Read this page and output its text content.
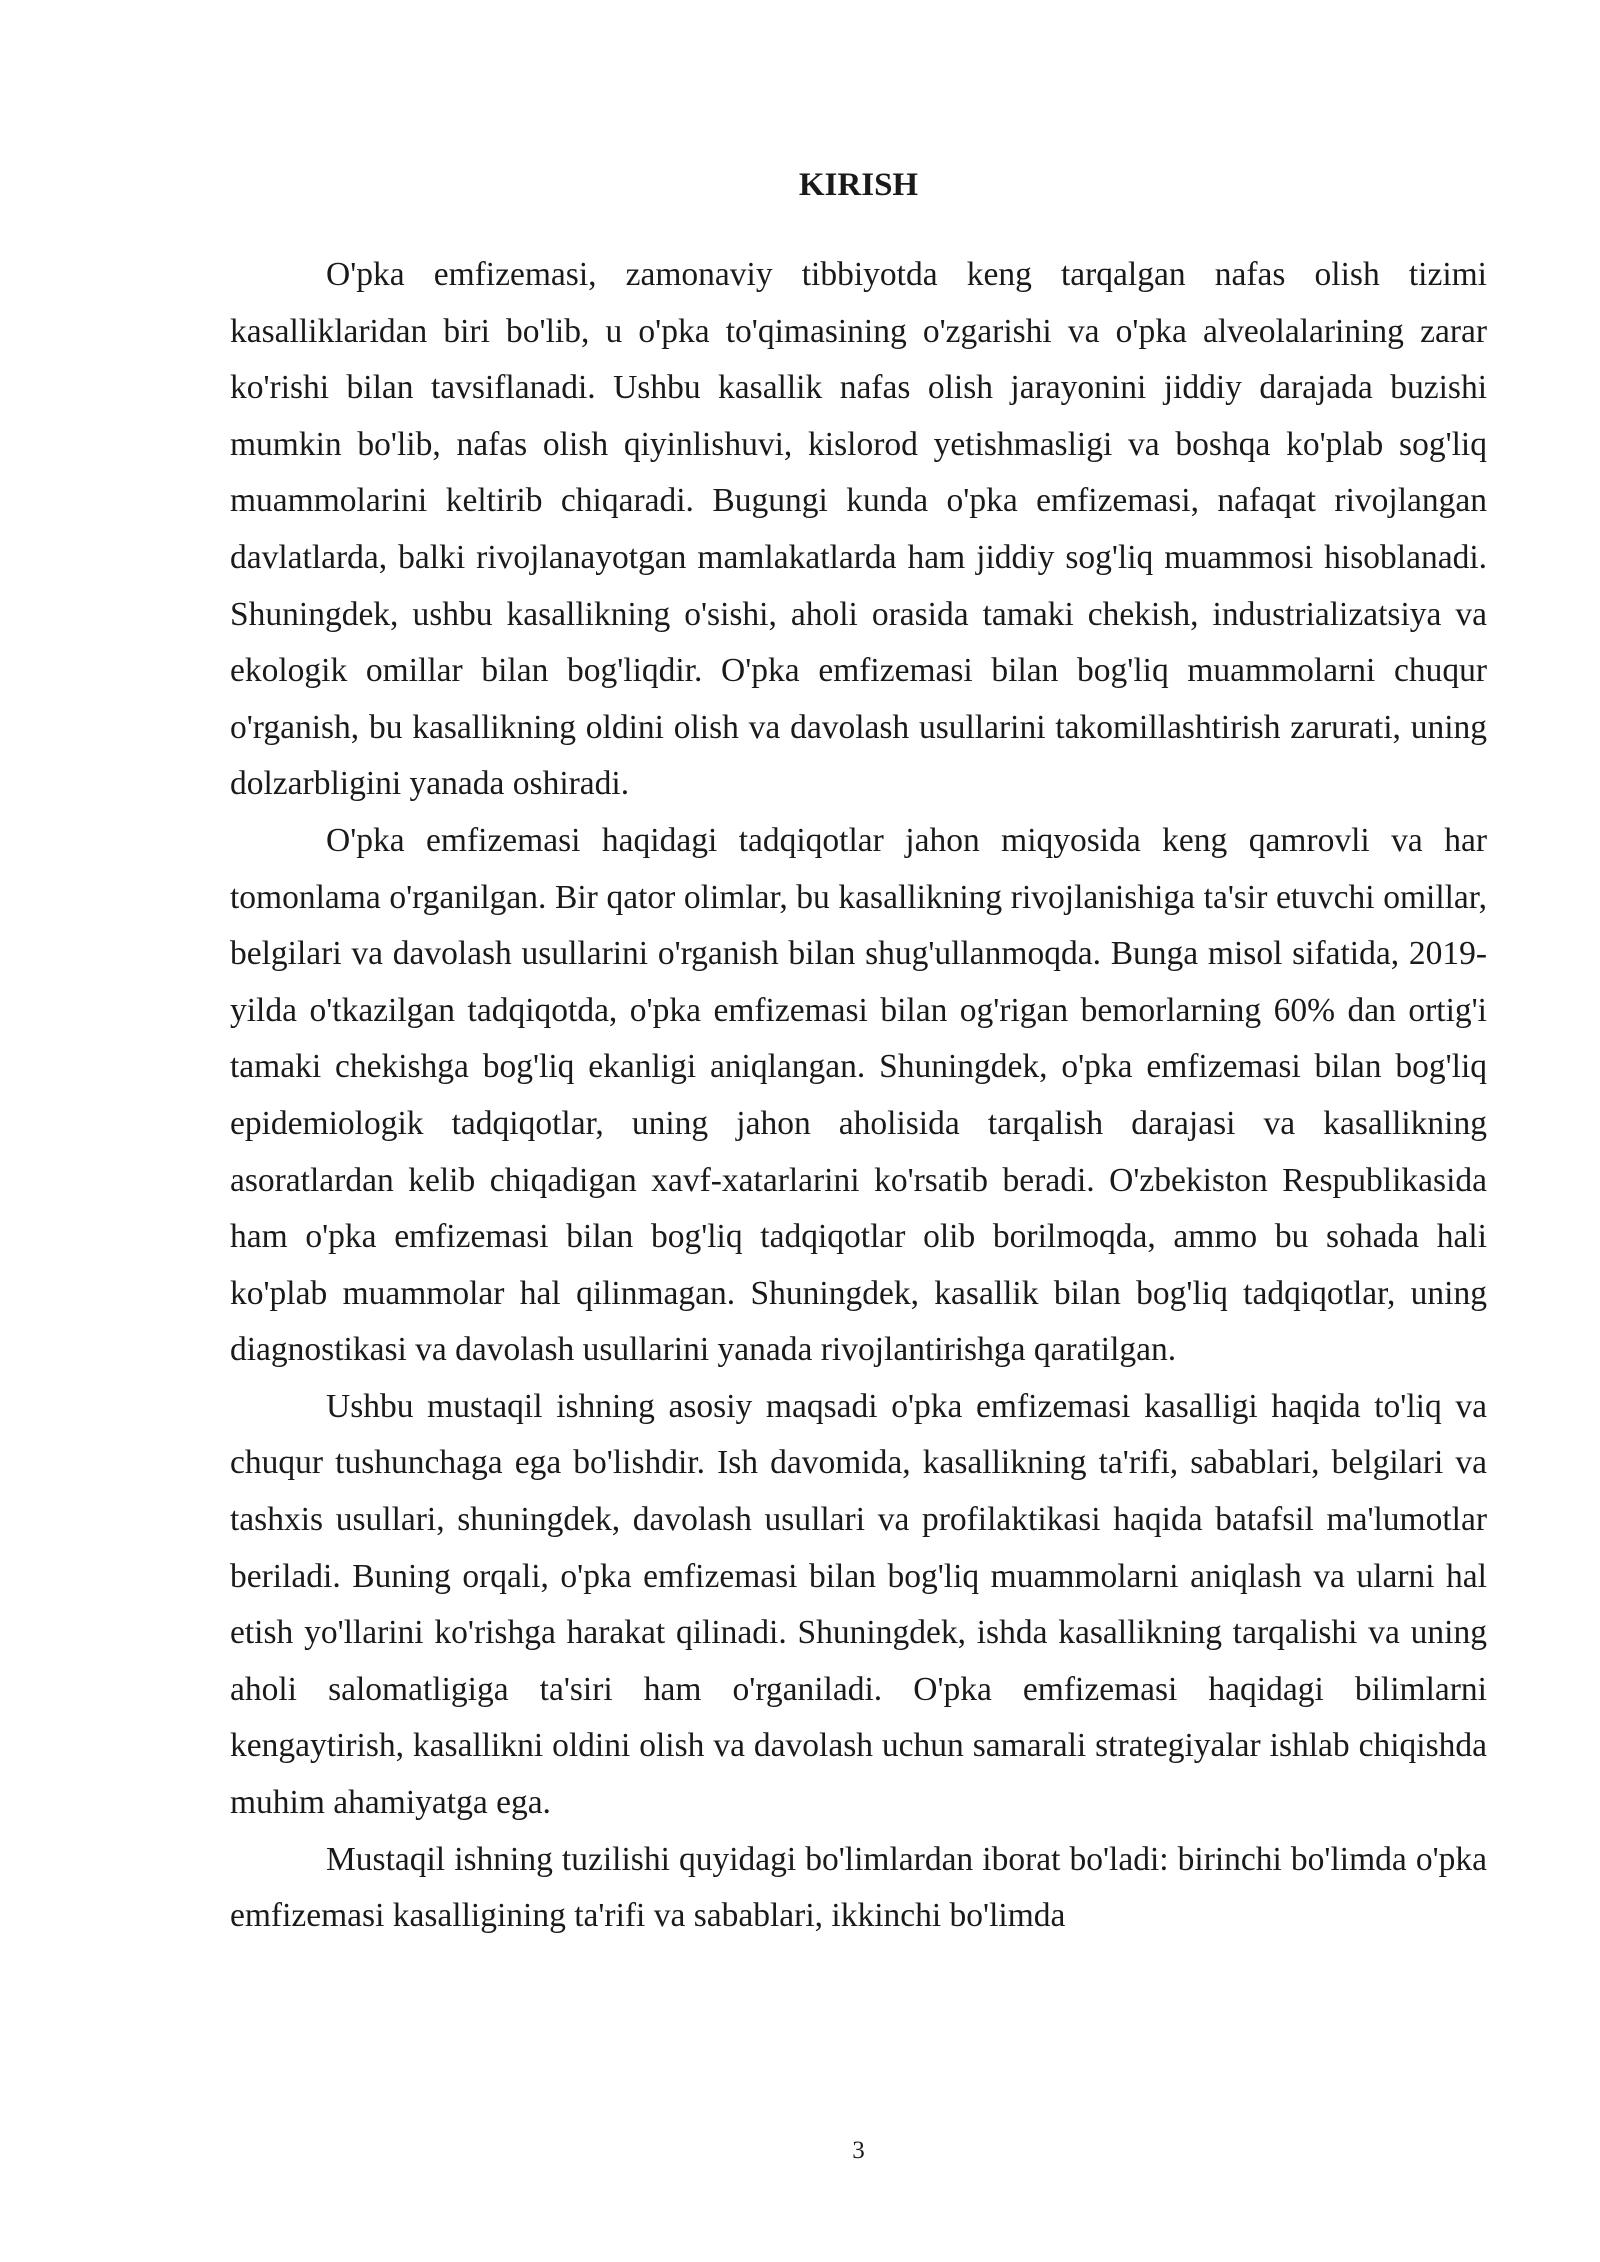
KIRISH

O'pka emfizemasi, zamonaviy tibbiyotda keng tarqalgan nafas olish tizimi kasalliklaridan biri bo'lib, u o'pka to'qimasining o'zgarishi va o'pka alveolalarining zarar ko'rishi bilan tavsiflanadi. Ushbu kasallik nafas olish jarayonini jiddiy darajada buzishi mumkin bo'lib, nafas olish qiyinlishuvi, kislorod yetishmasligi va boshqa ko'plab sog'liq muammolarini keltirib chiqaradi. Bugungi kunda o'pka emfizemasi, nafaqat rivojlangan davlatlarda, balki rivojlanayotgan mamlakatlarda ham jiddiy sog'liq muammosi hisoblanadi. Shuningdek, ushbu kasallikning o'sishi, aholi orasida tamaki chekish, industrializatsiya va ekologik omillar bilan bog'liqdir. O'pka emfizemasi bilan bog'liq muammolarni chuqur o'rganish, bu kasallikning oldini olish va davolash usullarini takomillashtirish zarurati, uning dolzarbligini yanada oshiradi.

O'pka emfizemasi haqidagi tadqiqotlar jahon miqyosida keng qamrovli va har tomonlama o'rganilgan. Bir qator olimlar, bu kasallikning rivojlanishiga ta'sir etuvchi omillar, belgilari va davolash usullarini o'rganish bilan shug'ullanmoqda. Bunga misol sifatida, 2019-yilda o'tkazilgan tadqiqotda, o'pka emfizemasi bilan og'rigan bemorlarning 60% dan ortig'i tamaki chekishga bog'liq ekanligi aniqlangan. Shuningdek, o'pka emfizemasi bilan bog'liq epidemiologik tadqiqotlar, uning jahon aholisida tarqalish darajasi va kasallikning asoratlardan kelib chiqadigan xavf-xatarlarini ko'rsatib beradi. O'zbekiston Respublikasida ham o'pka emfizemasi bilan bog'liq tadqiqotlar olib borilmoqda, ammo bu sohada hali ko'plab muammolar hal qilinmagan. Shuningdek, kasallik bilan bog'liq tadqiqotlar, uning diagnostikasi va davolash usullarini yanada rivojlantirishga qaratilgan.

Ushbu mustaqil ishning asosiy maqsadi o'pka emfizemasi kasalligi haqida to'liq va chuqur tushunchaga ega bo'lishdir. Ish davomida, kasallikning ta'rifi, sabablari, belgilari va tashxis usullari, shuningdek, davolash usullari va profilaktikasi haqida batafsil ma'lumotlar beriladi. Buning orqali, o'pka emfizemasi bilan bog'liq muammolarni aniqlash va ularni hal etish yo'llarini ko'rishga harakat qilinadi. Shuningdek, ishda kasallikning tarqalishi va uning aholi salomatligiga ta'siri ham o'rganiladi. O'pka emfizemasi haqidagi bilimlarni kengaytirish, kasallikni oldini olish va davolash uchun samarali strategiyalar ishlab chiqishda muhim ahamiyatga ega.

Mustaqil ishning tuzilishi quyidagi bo'limlardan iborat bo'ladi: birinchi bo'limda o'pka emfizemasi kasalligining ta'rifi va sabablari, ikkinchi bo'limda

3
